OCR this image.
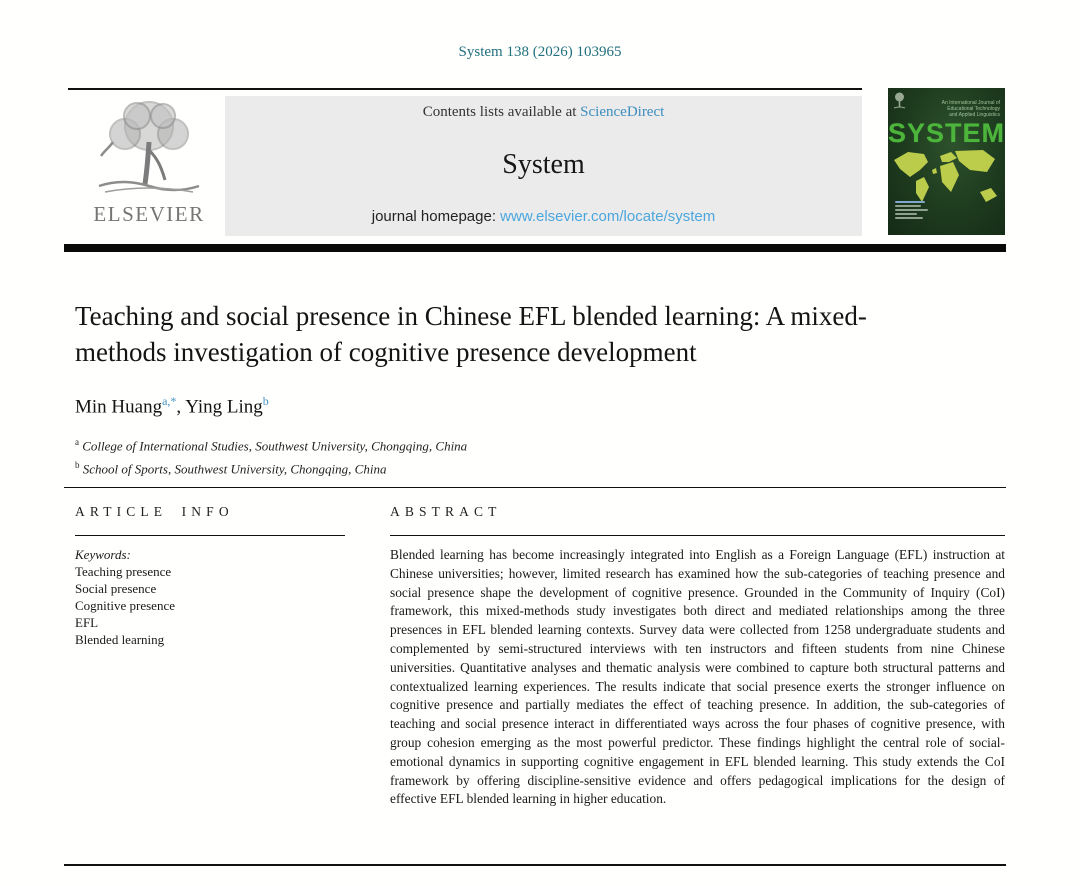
System 138 (2026) 103965
ELSEVIER
Contents lists available at ScienceDirect
System
journal homepage: www.elsevier.com/locate/system
An International Journal of Educational Technology and Applied Linguistics
SYSTEM
Teaching and social presence in Chinese EFL blended learning: A mixed-methods investigation of cognitive presence development
Min Huang$^{a,*}$, Ying Ling$^b$
$^a$ College of International Studies, Southwest University, Chongqing, China
$^b$ School of Sports, Southwest University, Chongqing, China
ARTICLE INFO
Keywords:
Teaching presence
Social presence
Cognitive presence
EFL
Blended learning
ABSTRACT
Blended learning has become increasingly integrated into English as a Foreign Language (EFL) instruction at Chinese universities; however, limited research has examined how the sub-categories of teaching presence and social presence shape the development of cognitive presence. Grounded in the Community of Inquiry (CoI) framework, this mixed-methods study investigates both direct and mediated relationships among the three presences in EFL blended learning contexts. Survey data were collected from 1258 undergraduate students and complemented by semi-structured interviews with ten instructors and fifteen students from nine Chinese universities. Quantitative analyses and thematic analysis were combined to capture both structural patterns and contextualized learning experiences. The results indicate that social presence exerts the stronger influence on cognitive presence and partially mediates the effect of teaching presence. In addition, the sub-categories of teaching and social presence interact in differentiated ways across the four phases of cognitive presence, with group cohesion emerging as the most powerful predictor. These findings highlight the central role of social-emotional dynamics in supporting cognitive engagement in EFL blended learning. This study extends the CoI framework by offering discipline-sensitive evidence and offers pedagogical implications for the design of effective EFL blended learning in higher education.
